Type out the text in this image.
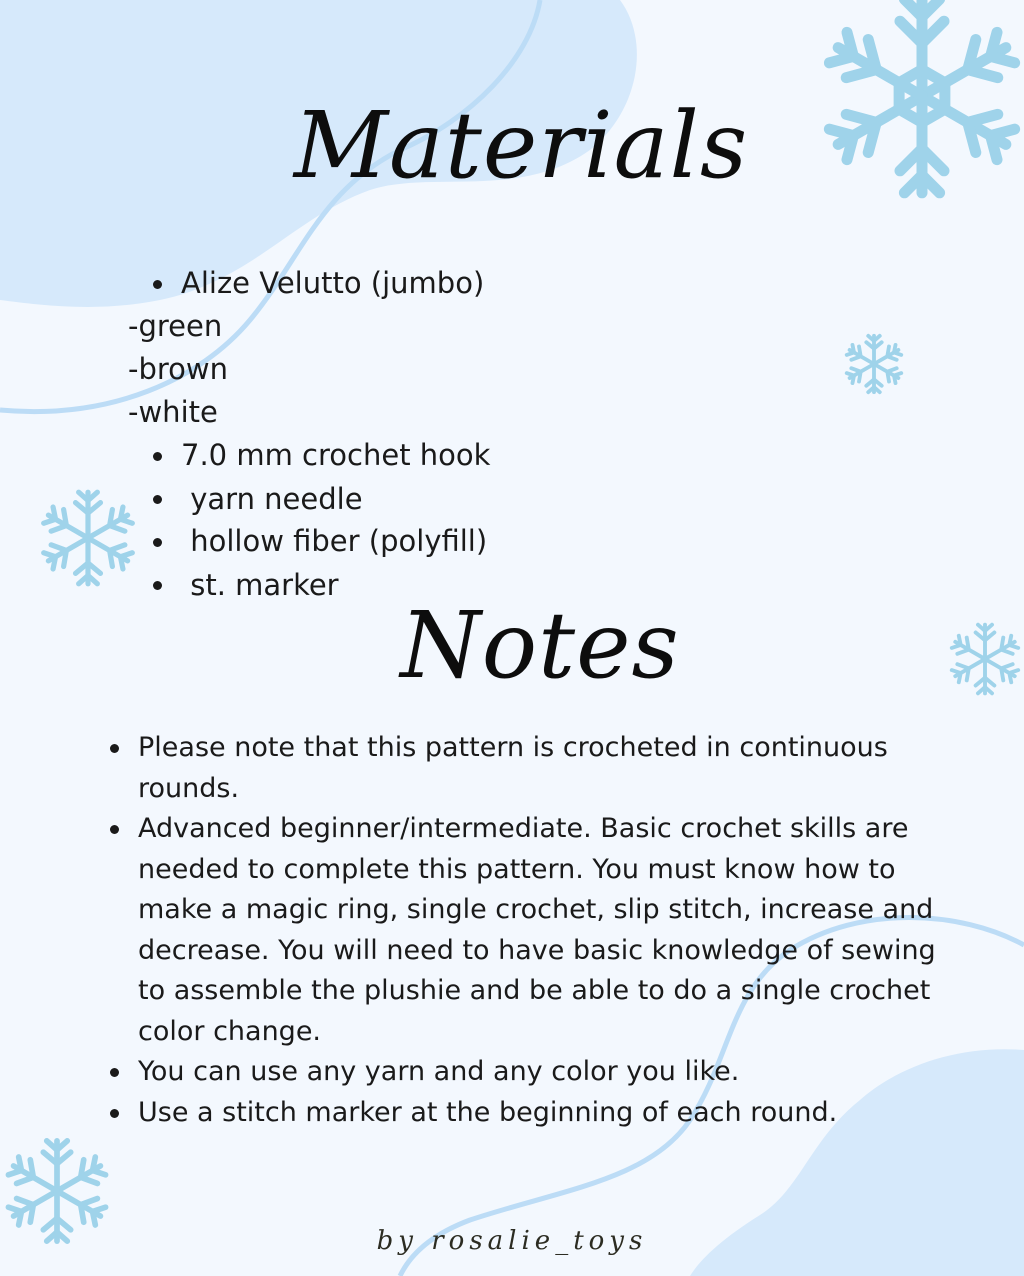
Materials
Alize Velutto (jumbo)
-green
-brown
-white
7.0 mm crochet hook
yarn needle
hollow fiber (polyfill)
st. marker
Notes
Please note that this pattern is crocheted in continuous rounds.
Advanced beginner/intermediate. Basic crochet skills are needed to complete this pattern. You must know how to make a magic ring, single crochet, slip stitch, increase and decrease. You will need to have basic knowledge of sewing to assemble the plushie and be able to do a single crochet color change.
You can use any yarn and any color you like.
Use a stitch marker at the beginning of each round.
by rosalie_toys
